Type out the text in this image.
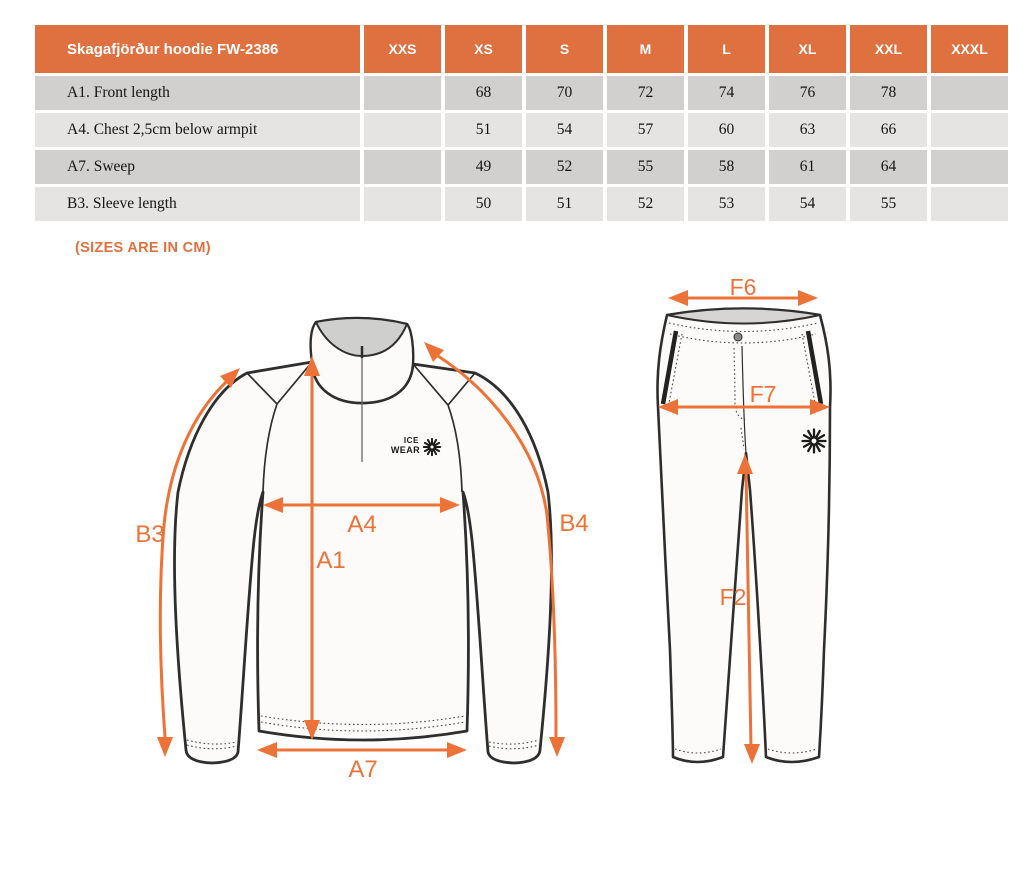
Skagafjörður hoodie FW-2386	XXS	XS	S	M	L	XL	XXL	XXXL
A1. Front length		68	70	72	74	76	78	
A4. Chest 2,5cm below armpit		51	54	57	60	63	66	
A7. Sweep		49	52	55	58	61	64	
B3. Sleeve length		50	51	52	53	54	55	
(SIZES ARE IN CM)
ICE
WEAR
B3	B4
A1
A4
A7
F6
F7
F2
